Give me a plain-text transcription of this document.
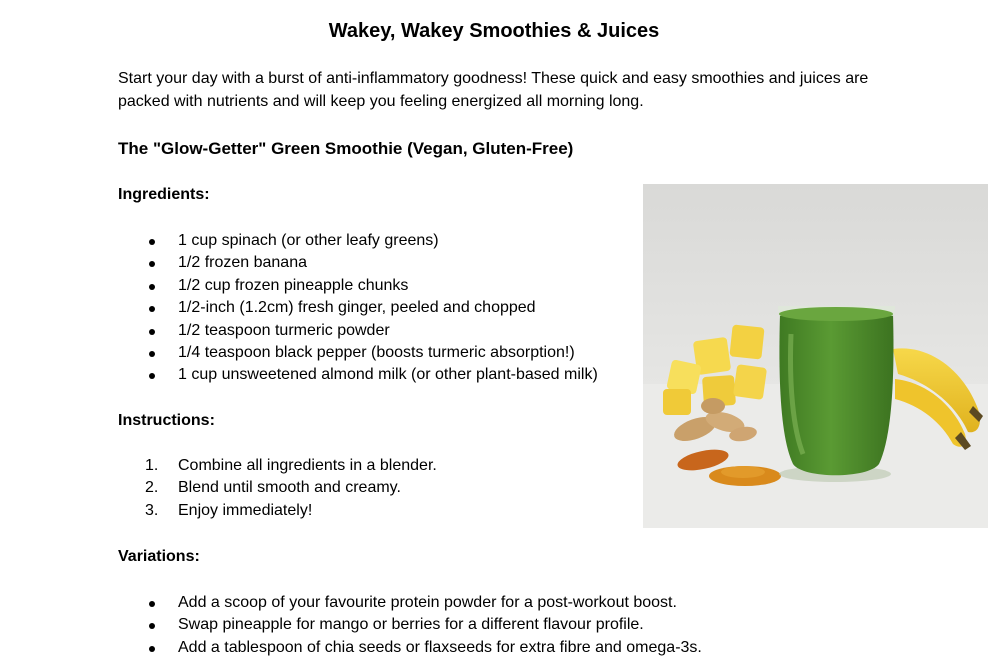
Wakey, Wakey Smoothies & Juices
Start your day with a burst of anti-inflammatory goodness! These quick and easy smoothies and juices are packed with nutrients and will keep you feeling energized all morning long.
The "Glow-Getter" Green Smoothie (Vegan, Gluten-Free)
Ingredients:
1 cup spinach (or other leafy greens)
1/2 frozen banana
1/2 cup frozen pineapple chunks
1/2-inch (1.2cm) fresh ginger, peeled and chopped
1/2 teaspoon turmeric powder
1/4 teaspoon black pepper (boosts turmeric absorption!)
1 cup unsweetened almond milk (or other plant-based milk)
Instructions:
1.	Combine all ingredients in a blender.
2.	Blend until smooth and creamy.
3.	Enjoy immediately!
Variations:
Add a scoop of your favourite protein powder for a post-workout boost.
Swap pineapple for mango or berries for a different flavour profile.
Add a tablespoon of chia seeds or flaxseeds for extra fibre and omega-3s.
